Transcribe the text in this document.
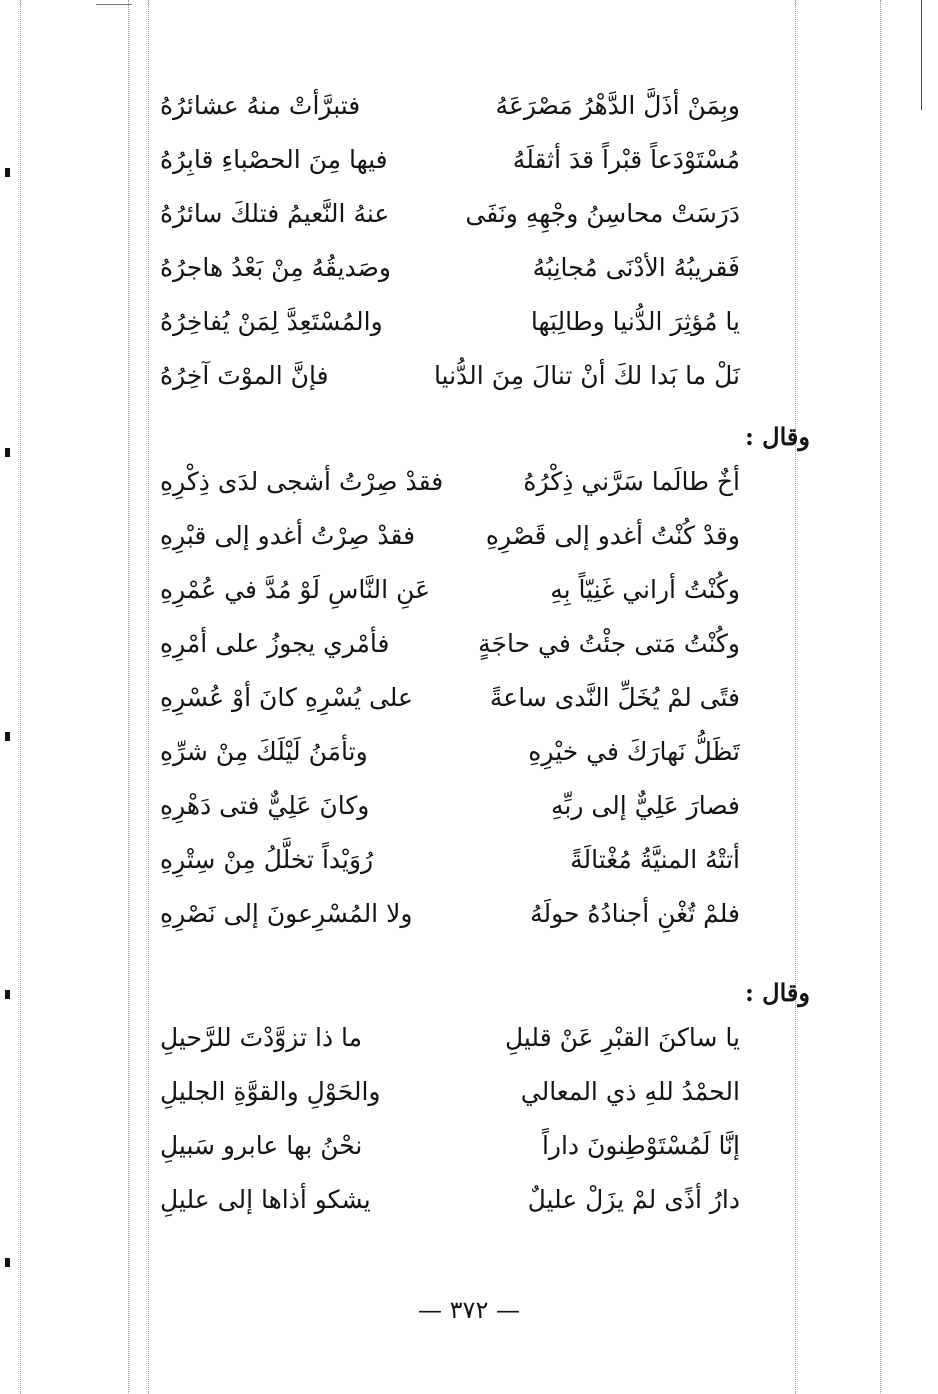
وبِمَنْ أذَلَّ الدَّهْرُ مَصْرَعَهُ
فتبرَّأتْ منهُ عشائرُهُ
مُسْتَوْدَعاً قبْراً قدَ أثقلَهُ
فيها مِنَ الحصْباءِ قابِرُهُ
دَرَسَتْ محاسِنُ وجْهِهِ ونَفَى
عنهُ النَّعيمُ فتلكَ سائرُهُ
فَقريبُهُ الأدْنَى مُجانِبُهُ
وصَديقُهُ مِنْ بَعْدُ هاجرُهُ
يا مُؤثِرَ الدُّنيا وطالِبَها
والمُسْتَعِدَّ لِمَنْ يُفاخِرُهُ
نَلْ ما بَدا لكَ أنْ تنالَ مِنَ الدُّنيا
فإنَّ الموْتَ آخِرُهُ
وقال :
أخٌ طالَما سَرَّني ذِكْرُهُ
فقدْ صِرْتُ أشجى لدَى ذِكْرِهِ
وقدْ كُنْتُ أغدو إلى قَصْرِهِ
فقدْ صِرْتُ أغدو إلى قبْرِهِ
وكُنْتُ أراني غَنِيّاً بِهِ
عَنِ النَّاسِ لَوْ مُدَّ في عُمْرِهِ
وكُنْتُ مَتى جئْتُ في حاجَةٍ
فأمْري يجوزُ على أمْرِهِ
فتًى لمْ يُخَلِّ النَّدى ساعةً
على يُسْرِهِ كانَ أوْ عُسْرِهِ
تَظَلُّ نَهارَكَ في خيْرِهِ
وتأمَنُ لَيْلَكَ مِنْ شرِّهِ
فصارَ عَلِيٌّ إلى ربِّهِ
وكانَ عَلِيٌّ فتى دَهْرِهِ
أتتْهُ المنيَّةُ مُغْتالَةً
رُوَيْداً تخلَّلُ مِنْ سِتْرِهِ
فلمْ تُغْنِ أجنادُهُ حولَهُ
ولا المُسْرِعونَ إلى نَصْرِهِ
وقال :
يا ساكنَ القبْرِ عَنْ قليلِ
ما ذا تزوَّدْتَ للرَّحيلِ
الحمْدُ للهِ ذي المعالي
والحَوْلِ والقوَّةِ الجليلِ
إنَّا لَمُسْتَوْطِنونَ داراً
نحْنُ بها عابرو سَبيلِ
دارُ أذًى لمْ يزَلْ عليلٌ
يشكو أذاها إلى عليلِ
— ٣٧٢ —
